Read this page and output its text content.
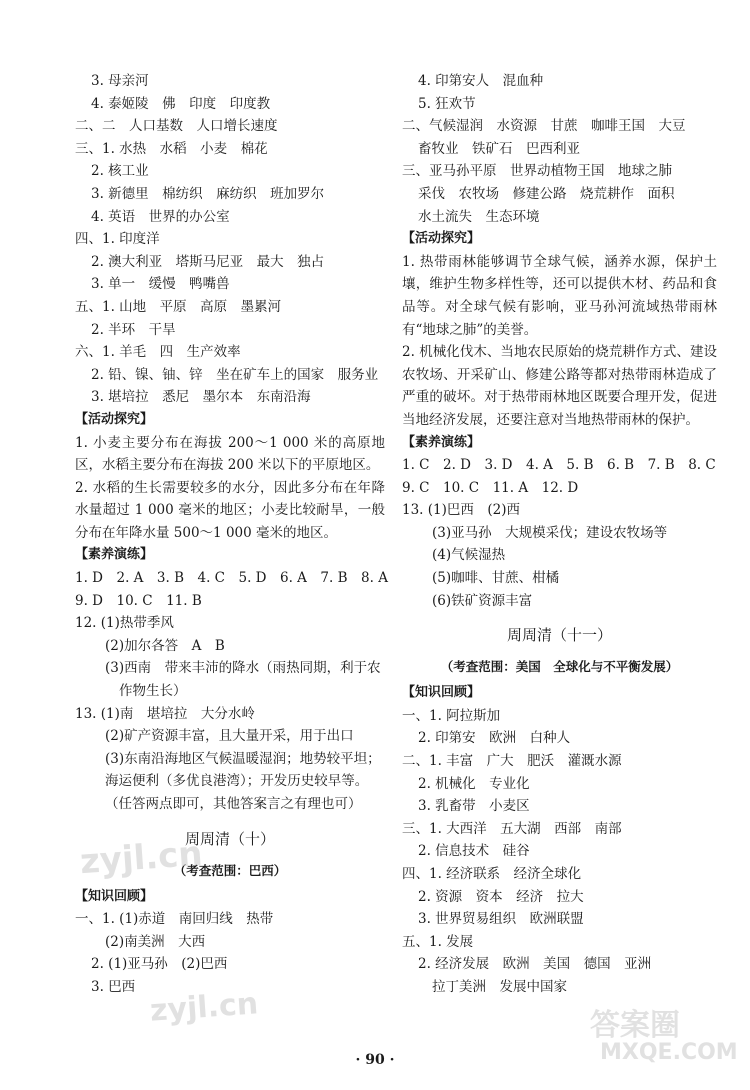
3. 母亲河
4. 泰姬陵　佛　印度　印度教
二、二　人口基数　人口增长速度
三、1. 水热　水稻　小麦　棉花
2. 核工业
3. 新德里　棉纺织　麻纺织　班加罗尔
4. 英语　世界的办公室
四、1. 印度洋
2. 澳大利亚　塔斯马尼亚　最大　独占
3. 单一　缓慢　鸭嘴兽
五、1. 山地　平原　高原　墨累河
2. 半环　干旱
六、1. 羊毛　四　生产效率
2. 铅、镍、铀、锌　坐在矿车上的国家　服务业
3. 堪培拉　悉尼　墨尔本　东南沿海
【活动探究】
1. 小麦主要分布在海拔 200～1 000 米的高原地区，水稻主要分布在海拔 200 米以下的平原地区。
2. 水稻的生长需要较多的水分，因此多分布在年降水量超过 1 000 毫米的地区；小麦比较耐旱，一般分布在年降水量 500～1 000 毫米的地区。
【素养演练】
1. D　2. A　3. B　4. C　5. D　6. A　7. B　8. A
9. D　10. C　11. B
12. (1)热带季风
(2)加尔各答　A　B
(3)西南　带来丰沛的降水（雨热同期，利于农
作物生长）
13. (1)南　堪培拉　大分水岭
(2)矿产资源丰富，且大量开采，用于出口
(3)东南沿海地区气候温暖湿润；地势较平坦；
海运便利（多优良港湾）；开发历史较早等。
（任答两点即可，其他答案言之有理也可）
周周清（十）
（考查范围：巴西）
【知识回顾】
一、1. (1)赤道　南回归线　热带
(2)南美洲　大西
2. (1)亚马孙　(2)巴西
3. 巴西
4. 印第安人　混血种
5. 狂欢节
二、气候湿润　水资源　甘蔗　咖啡王国　大豆
畜牧业　铁矿石　巴西利亚
三、亚马孙平原　世界动植物王国　地球之肺
采伐　农牧场　修建公路　烧荒耕作　面积
水土流失　生态环境
【活动探究】
1. 热带雨林能够调节全球气候，涵养水源，保护土壤，维护生物多样性等，还可以提供木材、药品和食品等。对全球气候有影响，亚马孙河流域热带雨林有“地球之肺”的美誉。
2. 机械化伐木、当地农民原始的烧荒耕作方式、建设农牧场、开采矿山、修建公路等都对热带雨林造成了严重的破坏。对于热带雨林地区既要合理开发，促进当地经济发展，还要注意对当地热带雨林的保护。
【素养演练】
1. C　2. D　3. D　4. A　5. B　6. B　7. B　8. C
9. C　10. C　11. A　12. D
13. (1)巴西　(2)西
(3)亚马孙　大规模采伐；建设农牧场等
(4)气候湿热
(5)咖啡、甘蔗、柑橘
(6)铁矿资源丰富
周周清（十一）
（考查范围：美国　全球化与不平衡发展）
【知识回顾】
一、1. 阿拉斯加
2. 印第安　欧洲　白种人
二、1. 丰富　广大　肥沃　灌溉水源
2. 机械化　专业化
3. 乳畜带　小麦区
三、1. 大西洋　五大湖　西部　南部
2. 信息技术　硅谷
四、1. 经济联系　经济全球化
2. 资源　资本　经济　拉大
3. 世界贸易组织　欧洲联盟
五、1. 发展
2. 经济发展　欧洲　美国　德国　亚洲
拉丁美洲　发展中国家
· 90 ·
zyjl.cn
zyjl.cn	答案圈
MXQE.COM
